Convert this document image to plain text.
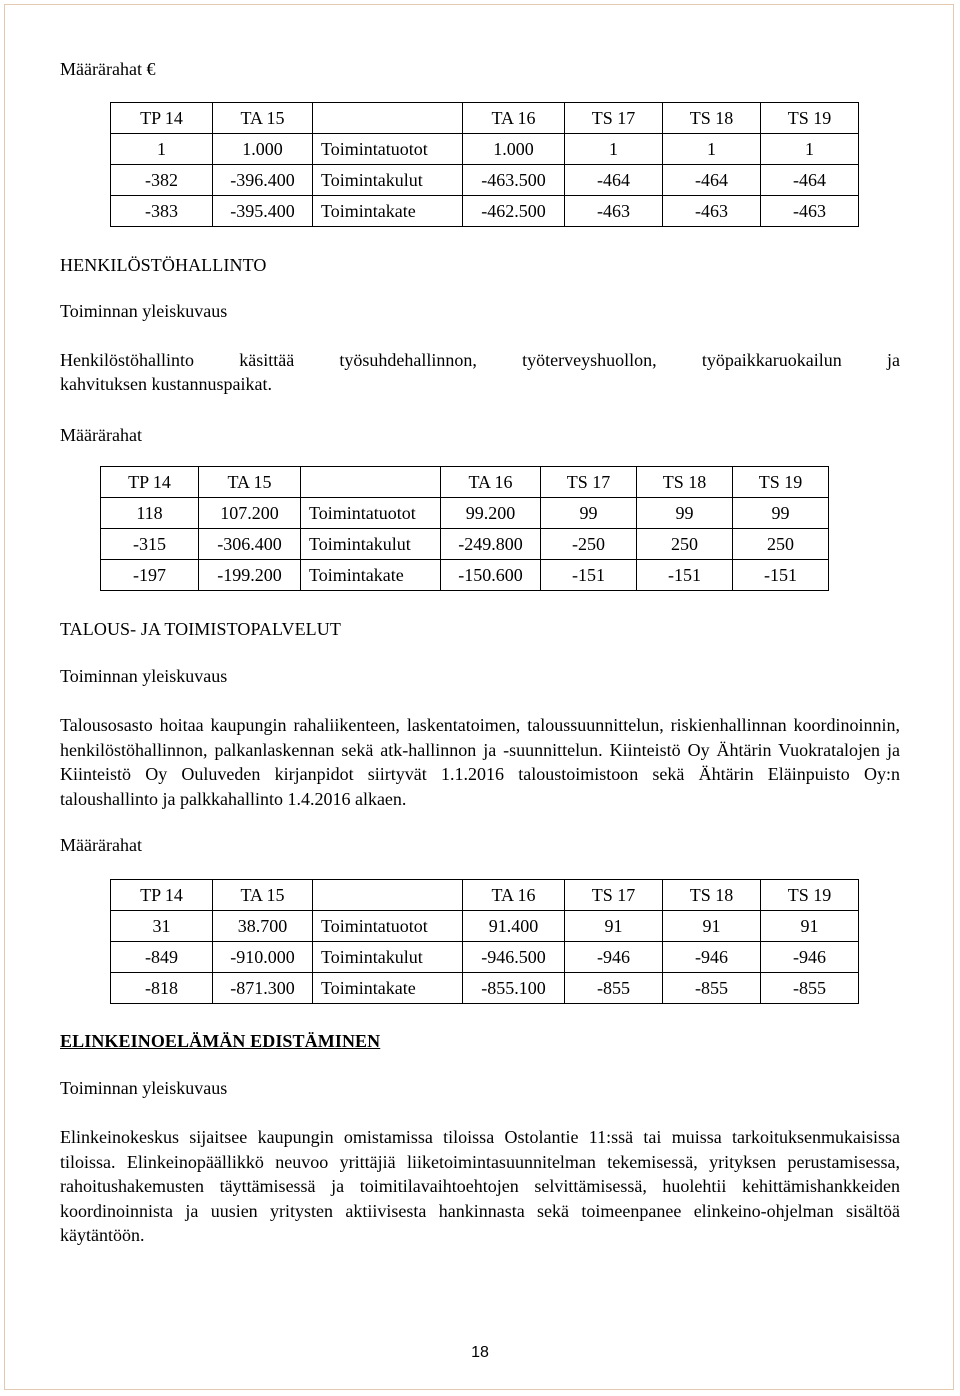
Määrärahat €
TP 14	TA 15		TA 16	TS 17	TS 18	TS 19
1	1.000	Toimintatuotot	1.000	1	1	1
-382	-396.400	Toimintakulut	-463.500	-464	-464	-464
-383	-395.400	Toimintakate	-462.500	-463	-463	-463
HENKILÖSTÖHALLINTO
Toiminnan yleiskuvaus
Henkilöstöhallinto käsittää työsuhdehallinnon, työterveyshuollon, työpaikkaruokailun ja
kahvituksen kustannuspaikat.
Määrärahat
TP 14	TA 15		TA 16	TS 17	TS 18	TS 19
118	107.200	Toimintatuotot	99.200	99	99	99
-315	-306.400	Toimintakulut	-249.800	-250	250	250
-197	-199.200	Toimintakate	-150.600	-151	-151	-151
TALOUS- JA TOIMISTOPALVELUT
Toiminnan yleiskuvaus
Talousosasto hoitaa kaupungin rahaliikenteen, laskentatoimen, taloussuunnittelun, riskienhallinnan koordinoinnin, henkilöstöhallinnon, palkanlaskennan sekä atk-hallinnon ja -suunnittelun. Kiinteistö Oy Ähtärin Vuokratalojen ja Kiinteistö Oy Ouluveden kirjanpidot siirtyvät 1.1.2016 taloustoimistoon sekä Ähtärin Eläinpuisto Oy:n taloushallinto ja palkkahallinto 1.4.2016 alkaen.
Määrärahat
TP 14	TA 15		TA 16	TS 17	TS 18	TS 19
31	38.700	Toimintatuotot	91.400	91	91	91
-849	-910.000	Toimintakulut	-946.500	-946	-946	-946
-818	-871.300	Toimintakate	-855.100	-855	-855	-855
ELINKEINOELÄMÄN EDISTÄMINEN
Toiminnan yleiskuvaus
Elinkeinokeskus sijaitsee kaupungin omistamissa tiloissa Ostolantie 11:ssä tai muissa tarkoituksenmukaisissa tiloissa. Elinkeinopäällikkö neuvoo yrittäjiä liiketoimintasuunnitelman tekemisessä, yrityksen perustamisessa, rahoitushakemusten täyttämisessä ja toimitilavaihtoehtojen selvittämisessä, huolehtii kehittämishankkeiden koordinoinnista ja uusien yritysten aktiivisesta hankinnasta sekä toimeenpanee elinkeino-ohjelman sisältöä käytäntöön.
18
